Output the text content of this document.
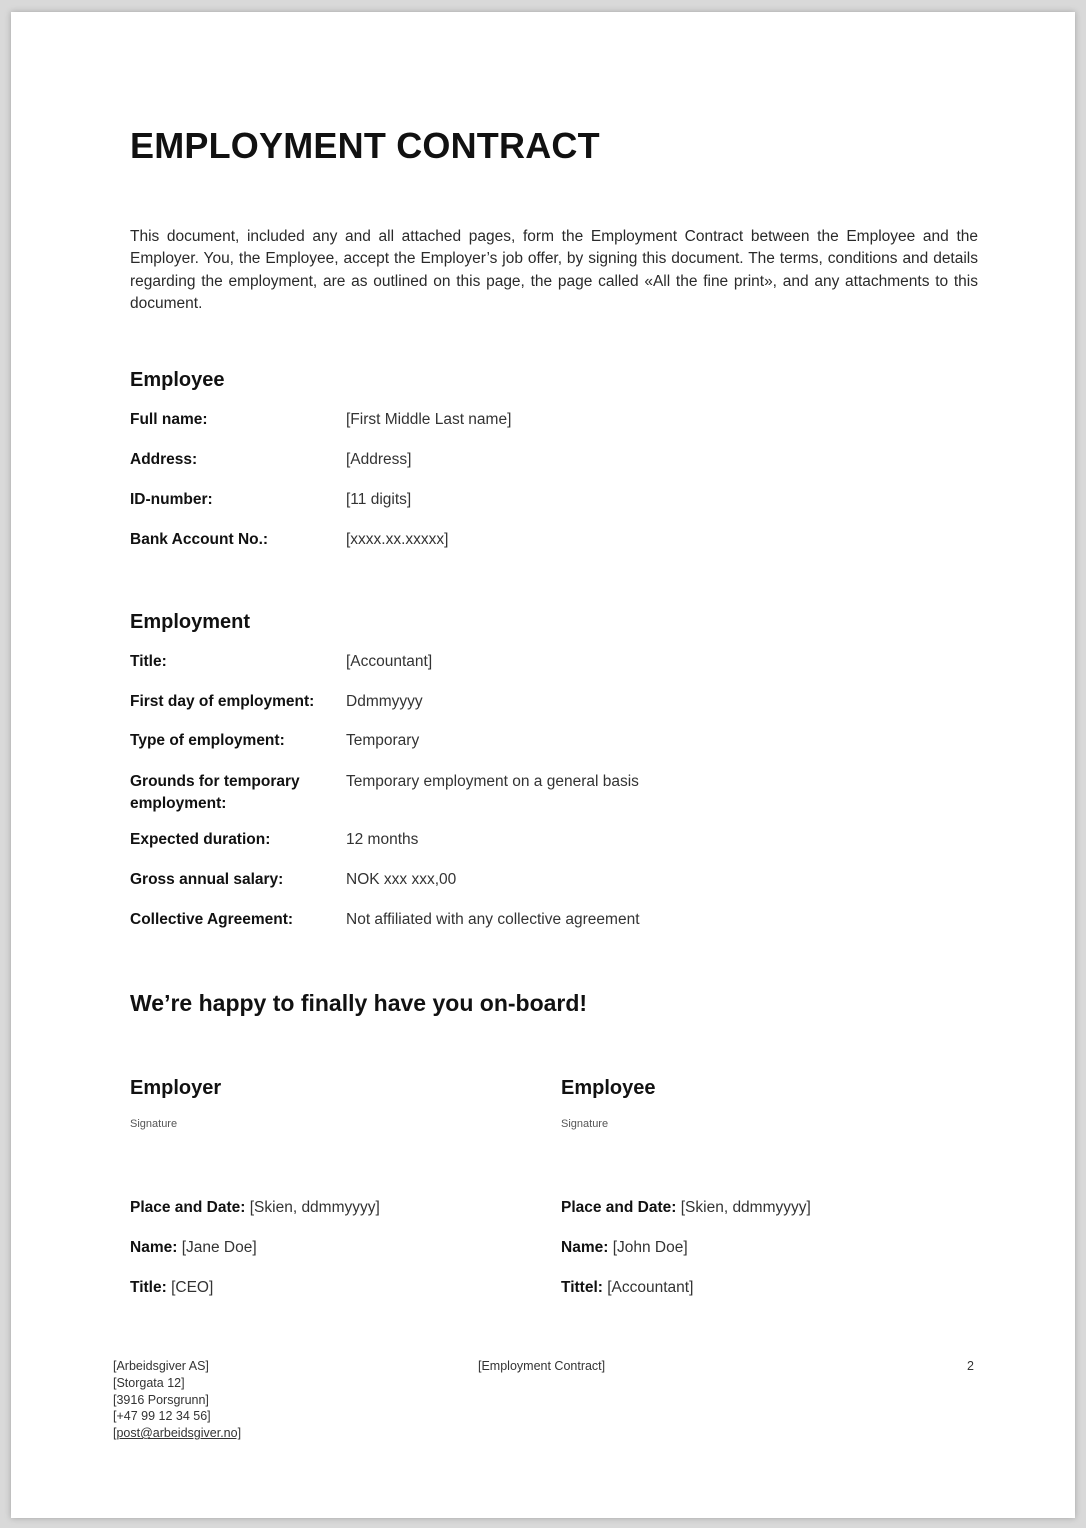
EMPLOYMENT CONTRACT
This document, included any and all attached pages, form the Employment Contract between the Employee and the Employer. You, the Employee, accept the Employer’s job offer, by signing this document. The terms, conditions and details regarding the employment, are as outlined on this page, the page called «All the fine print», and any attachments to this document.
Employee
Full name:	[First Middle Last name]
Address:	[Address]
ID-number:	[11 digits]
Bank Account No.:	[xxxx.xx.xxxxx]
Employment
Title:	[Accountant]
First day of employment: Ddmmyyyy
Type of employment:	Temporary
Grounds for temporary employment:
Temporary employment on a general basis
Expected duration:	12 months
Gross annual salary:	NOK xxx xxx,00
Collective Agreement:	Not affiliated with any collective agreement
We’re happy to finally have you on-board!
Employer
Signature
Place and Date: [Skien, ddmmyyyy]
Name: [Jane Doe]
Title: [CEO]
Employee
Signature
Place and Date: [Skien, ddmmyyyy]
Name: [John Doe]
Tittel: [Accountant]
[Arbeidsgiver AS]
[Storgata 12]
[3916 Porsgrunn]
[+47 99 12 34 56]
[post@arbeidsgiver.no]
[Employment Contract]	2
